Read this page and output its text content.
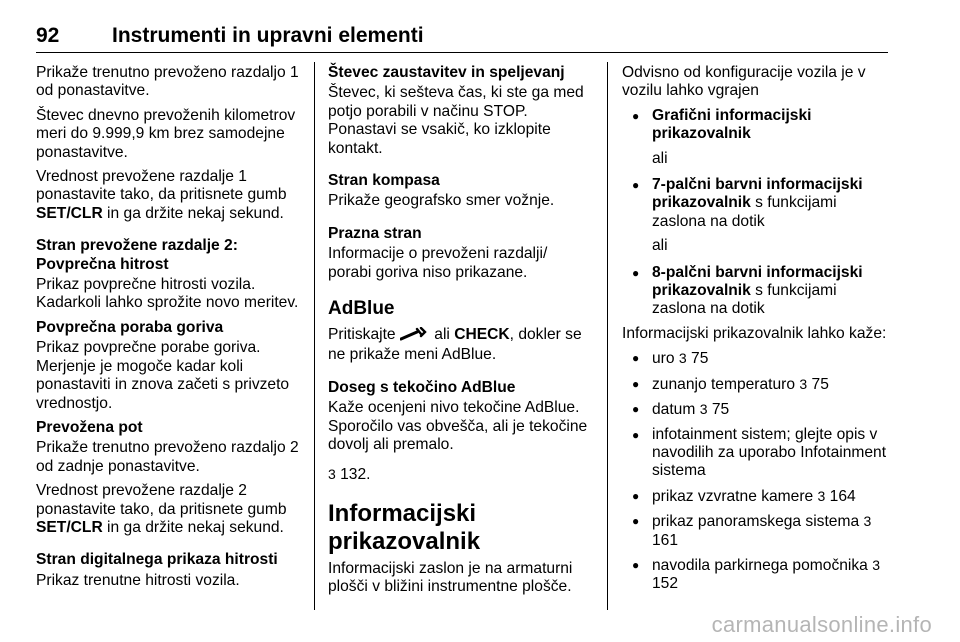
92	Instrumenti in upravni elementi

Prikaže trenutno prevoženo razdaljo 1 od ponastavitve.

Števec dnevno prevoženih kilometrov meri do 9.999,9 km brez samodejne ponastavitve.

Vrednost prevožene razdalje 1 ponastavite tako, da pritisnete gumb SET/CLR in ga držite nekaj sekund.

Stran prevožene razdalje 2:
Povprečna hitrost

Prikaz povprečne hitrosti vozila. Kadarkoli lahko sprožite novo meritev.

Povprečna poraba goriva

Prikaz povprečne porabe goriva. Merjenje je mogoče kadar koli ponastaviti in znova začeti s privzeto vrednostjo.

Prevožena pot

Prikaže trenutno prevoženo razdaljo 2 od zadnje ponastavitve.

Vrednost prevožene razdalje 2 ponastavite tako, da pritisnete gumb SET/CLR in ga držite nekaj sekund.

Stran digitalnega prikaza hitrosti

Prikaz trenutne hitrosti vozila.

Števec zaustavitev in speljevanj

Števec, ki sešteva čas, ki ste ga med potjo porabili v načinu STOP. Ponastavi se vsakič, ko izklopite kontakt.

Stran kompasa

Prikaže geografsko smer vožnje.

Prazna stran

Informacije o prevoženi razdalji/ porabi goriva niso prikazane.

AdBlue

Pritiskajte  ali CHECK, dokler se ne prikaže meni AdBlue.

Doseg s tekočino AdBlue

Kaže ocenjeni nivo tekočine AdBlue. Sporočilo vas obvešča, ali je tekočine dovolj ali premalo.

3 132.

Informacijski prikazovalnik

Informacijski zaslon je na armaturni plošči v bližini instrumentne plošče.

Odvisno od konfiguracije vozila je v vozilu lahko vgrajen

● Grafični informacijski prikazovalnik

ali

● 7-palčni barvni informacijski prikazovalnik s funkcijami zaslona na dotik

ali

● 8-palčni barvni informacijski prikazovalnik s funkcijami zaslona na dotik

Informacijski prikazovalnik lahko kaže:

● uro 3 75
● zunanjo temperaturo 3 75
● datum 3 75
● infotainment sistem; glejte opis v navodilih za uporabo Infotainment sistema
● prikaz vzvratne kamere 3 164
● prikaz panoramskega sistema 3 161
● navodila parkirnega pomočnika 3 152
carmanualsonline.info
